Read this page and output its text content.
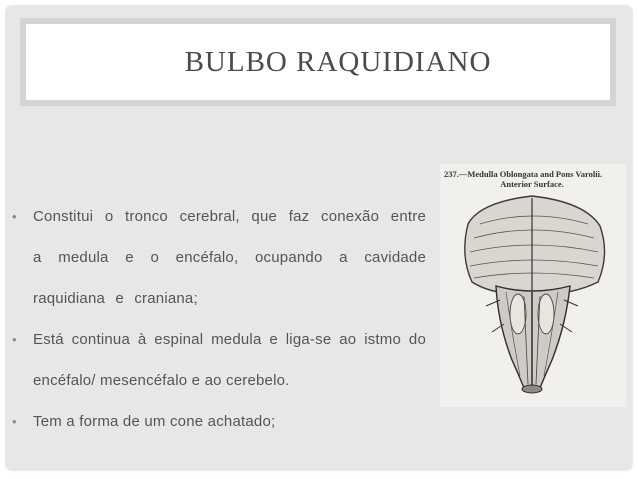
BULBO RAQUIDIANO
• Constitui o tronco cerebral, que faz conexão entre a medula e o encéfalo, ocupando a cavidade raquidiana e craniana;
• Está continua à espinal medula e liga-se ao istmo do encéfalo/ mesencéfalo e ao cerebelo.
• Tem a forma de um cone achatado;
237.—Medulla Oblongata and Pons Varolii.
Anterior Surface.
